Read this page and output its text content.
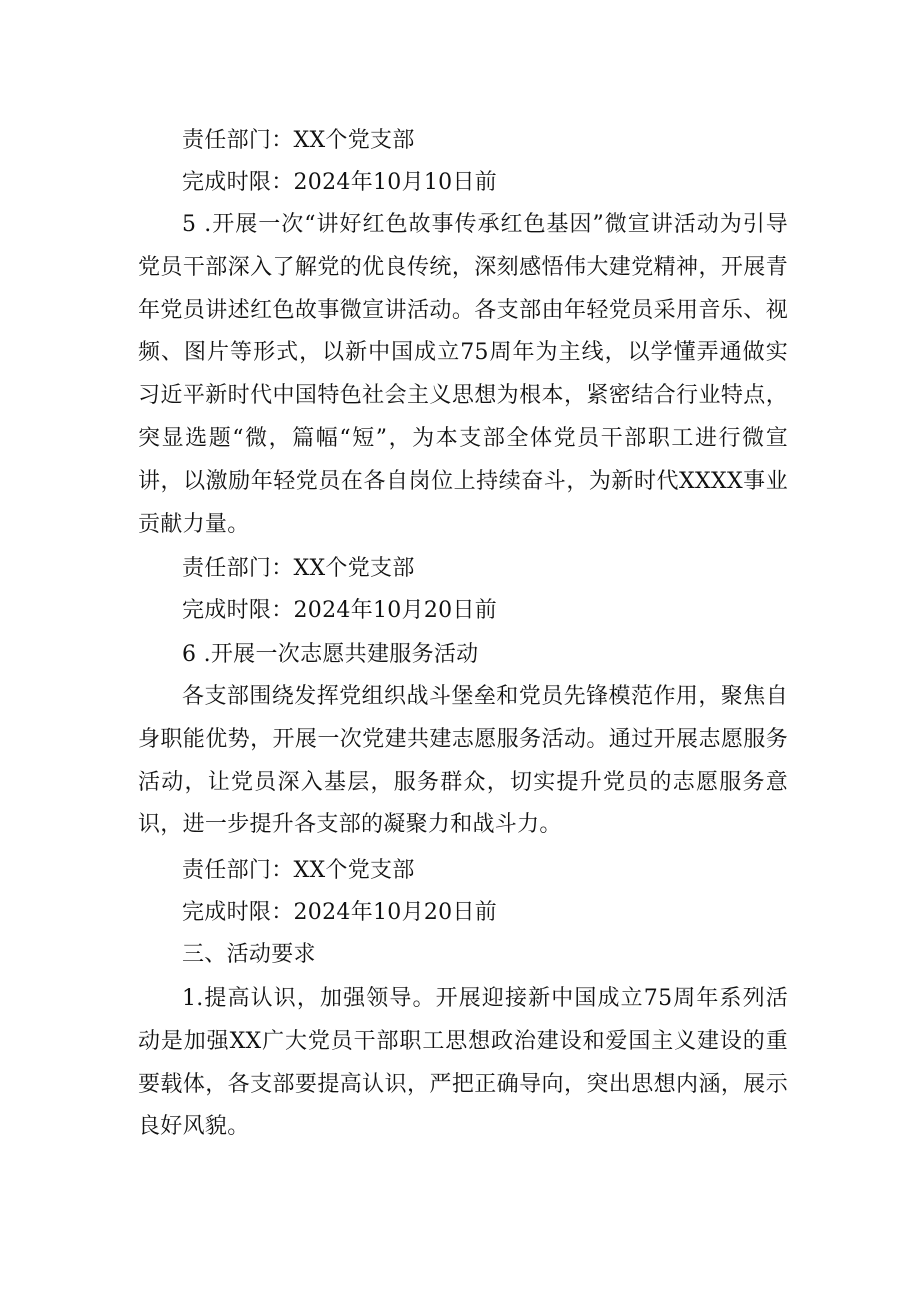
责任部门：XX个党支部

完成时限：2024年10月10日前

5 .开展一次“讲好红色故事传承红色基因”微宣讲活动为引导党员干部深入了解党的优良传统，深刻感悟伟大建党精神，开展青年党员讲述红色故事微宣讲活动。各支部由年轻党员采用音乐、视频、图片等形式，以新中国成立75周年为主线，以学懂弄通做实习近平新时代中国特色社会主义思想为根本，紧密结合行业特点，突显选题“微，篇幅“短”，为本支部全体党员干部职工进行微宣讲，以激励年轻党员在各自岗位上持续奋斗，为新时代XXXX事业贡献力量。

责任部门：XX个党支部

完成时限：2024年10月20日前

6 .开展一次志愿共建服务活动

各支部围绕发挥党组织战斗堡垒和党员先锋模范作用，聚焦自身职能优势，开展一次党建共建志愿服务活动。通过开展志愿服务活动，让党员深入基层，服务群众，切实提升党员的志愿服务意识，进一步提升各支部的凝聚力和战斗力。

责任部门：XX个党支部

完成时限：2024年10月20日前

三、活动要求

1.提高认识，加强领导。开展迎接新中国成立75周年系列活动是加强XX广大党员干部职工思想政治建设和爱国主义建设的重要载体，各支部要提高认识，严把正确导向，突出思想内涵，展示良好风貌。
